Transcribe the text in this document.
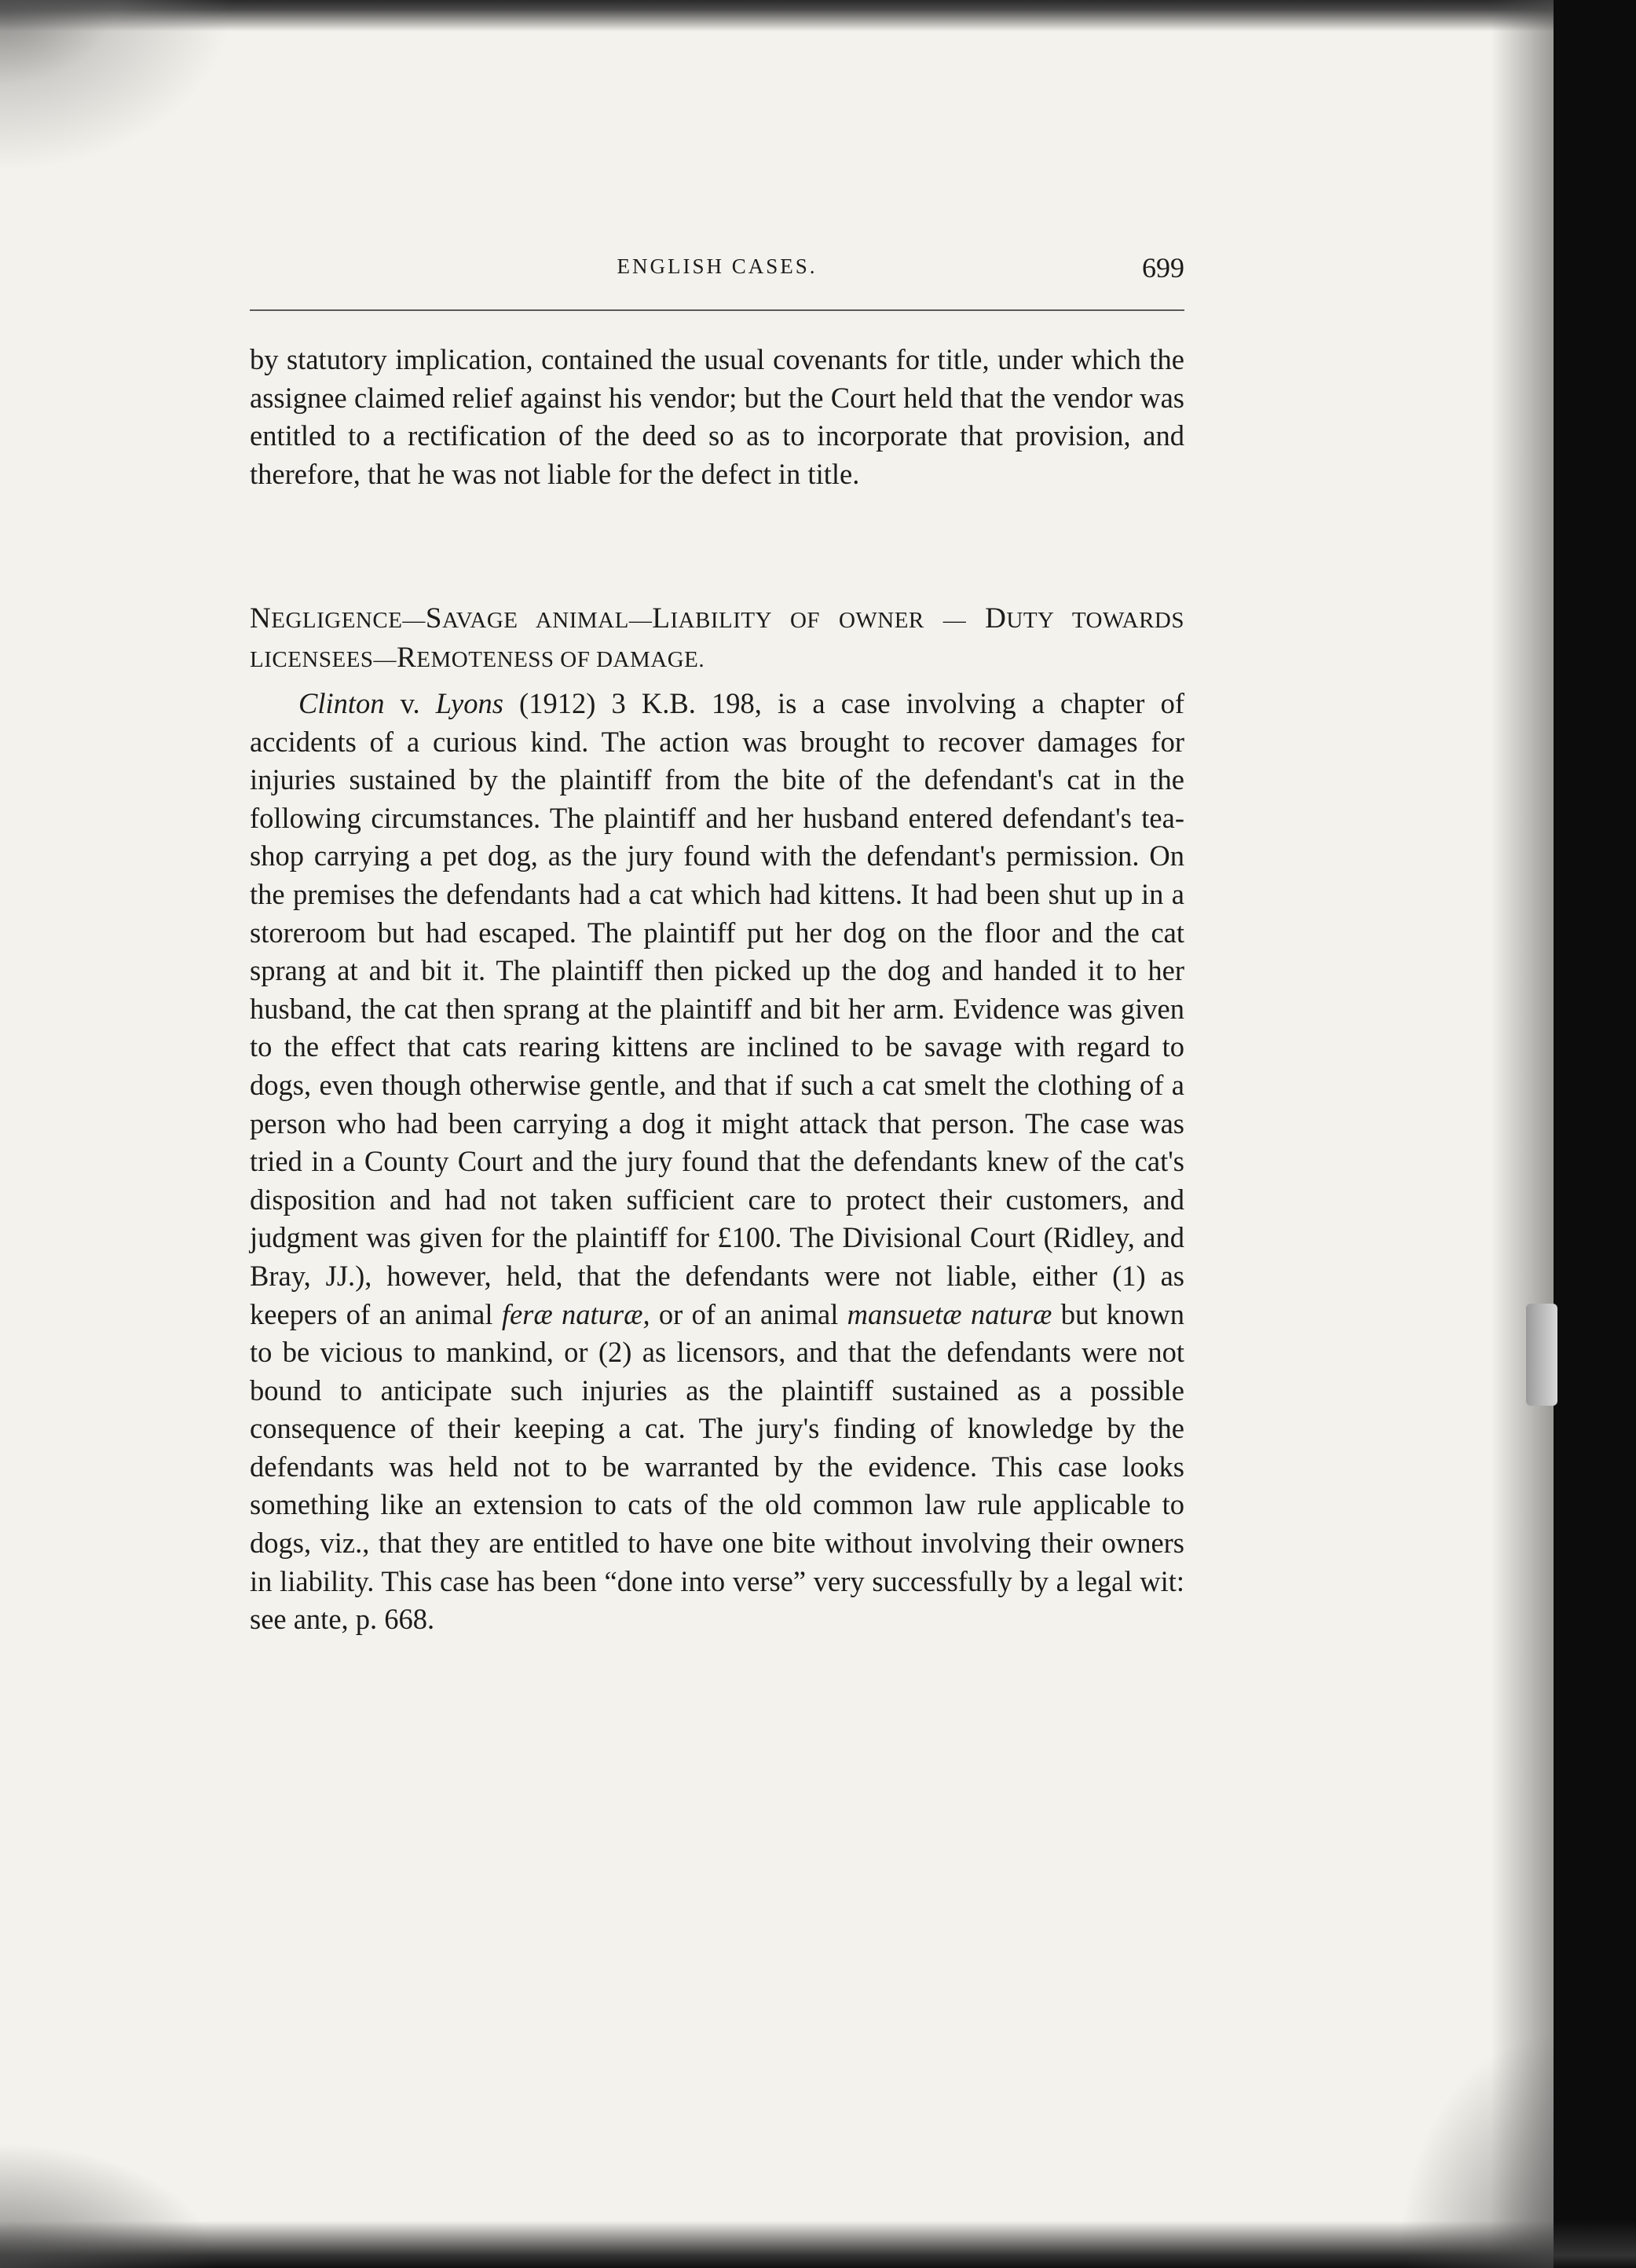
ENGLISH CASES.	699

by statutory implication, contained the usual covenants for title, under which the assignee claimed relief against his vendor; but the Court held that the vendor was entitled to a rectification of the deed so as to incorporate that provision, and therefore, that he was not liable for the defect in title.

NEGLIGENCE—SAVAGE ANIMAL—LIABILITY OF OWNER — DUTY TOWARDS LICENSEES—REMOTENESS OF DAMAGE.

Clinton v. Lyons (1912) 3 K.B. 198, is a case involving a chapter of accidents of a curious kind. The action was brought to recover damages for injuries sustained by the plaintiff from the bite of the defendant's cat in the following circumstances. The plaintiff and her husband entered defendant's tea-shop carrying a pet dog, as the jury found with the defendant's permission. On the premises the defendants had a cat which had kittens. It had been shut up in a storeroom but had escaped. The plaintiff put her dog on the floor and the cat sprang at and bit it. The plaintiff then picked up the dog and handed it to her husband, the cat then sprang at the plaintiff and bit her arm. Evidence was given to the effect that cats rearing kittens are inclined to be savage with regard to dogs, even though otherwise gentle, and that if such a cat smelt the clothing of a person who had been carrying a dog it might attack that person. The case was tried in a County Court and the jury found that the defendants knew of the cat's disposition and had not taken sufficient care to protect their customers, and judgment was given for the plaintiff for £100. The Divisional Court (Ridley, and Bray, JJ.), however, held, that the defendants were not liable, either (1) as keepers of an animal feræ naturæ, or of an animal mansuetæ naturæ but known to be vicious to mankind, or (2) as licensors, and that the defendants were not bound to anticipate such injuries as the plaintiff sustained as a possible consequence of their keeping a cat. The jury's finding of knowledge by the defendants was held not to be warranted by the evidence. This case looks something like an extension to cats of the old common law rule applicable to dogs, viz., that they are entitled to have one bite without involving their owners in liability. This case has been “done into verse” very successfully by a legal wit: see ante, p. 668.
